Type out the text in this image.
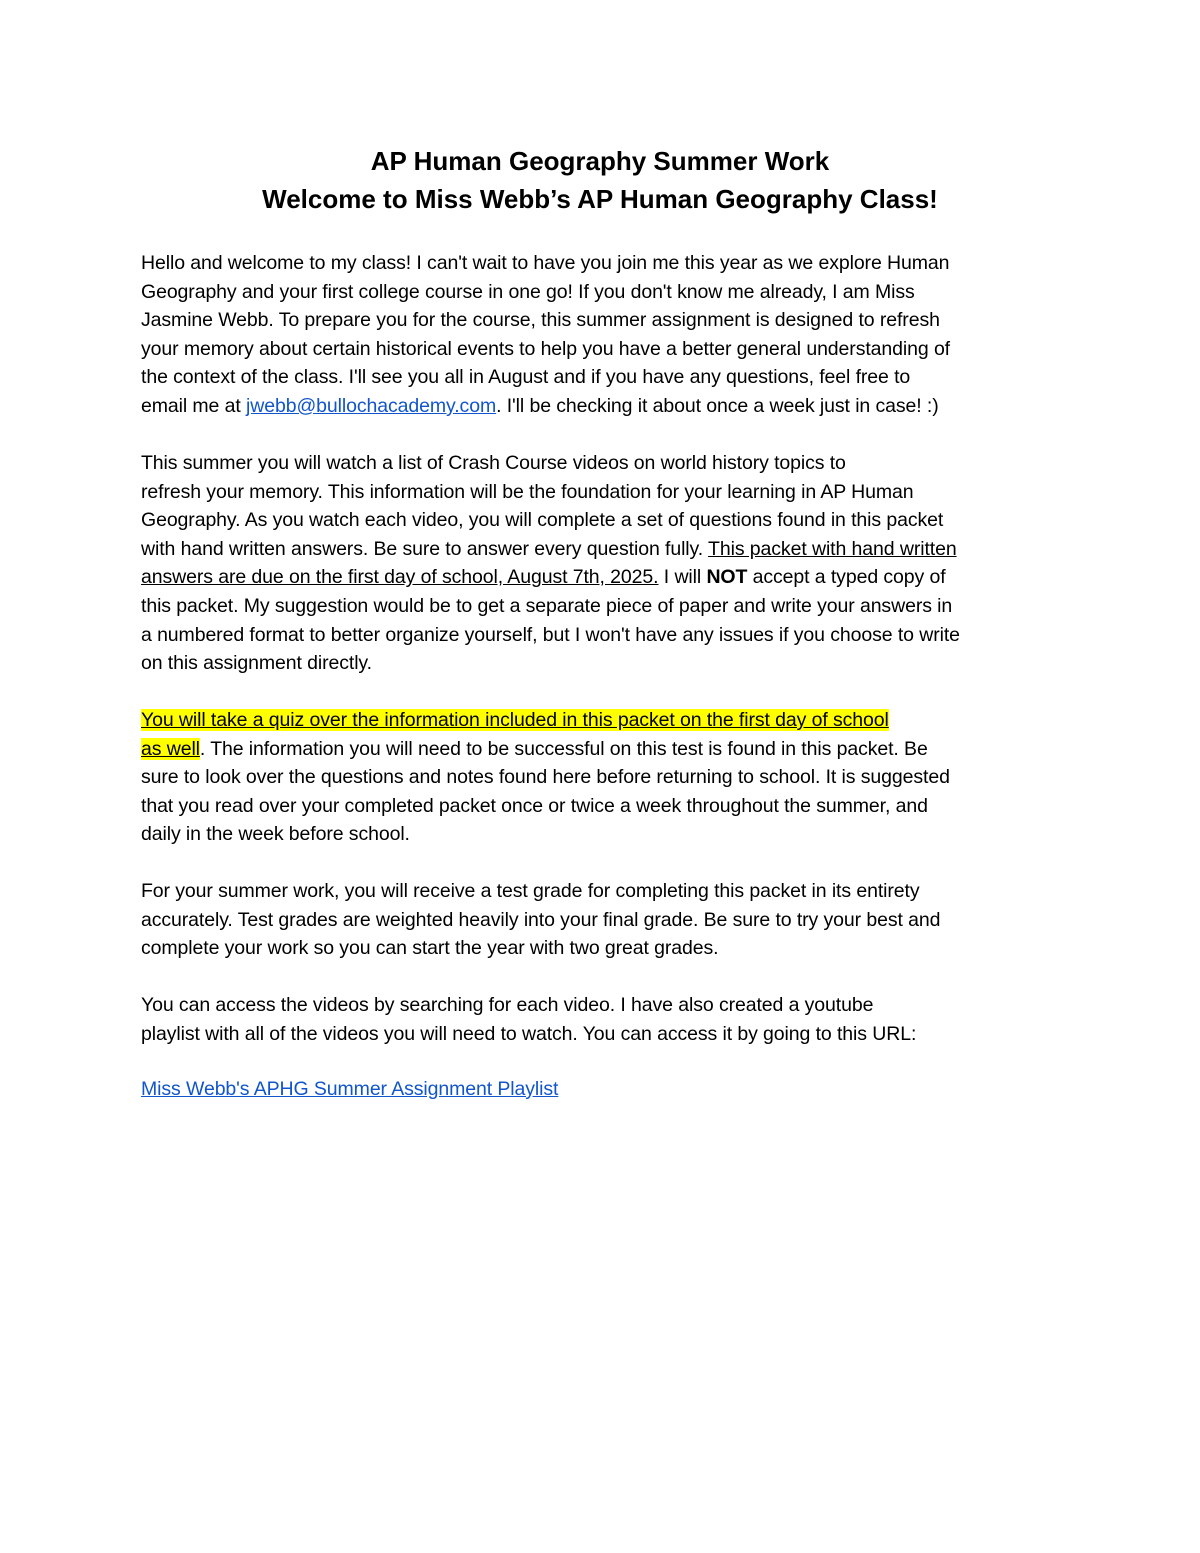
AP Human Geography Summer Work
Welcome to Miss Webb’s AP Human Geography Class!
Hello and welcome to my class! I can't wait to have you join me this year as we explore Human
Geography and your first college course in one go! If you don't know me already, I am Miss
Jasmine Webb. To prepare you for the course, this summer assignment is designed to refresh
your memory about certain historical events to help you have a better general understanding of
the context of the class. I'll see you all in August and if you have any questions, feel free to
email me at jwebb@bullochacademy.com. I'll be checking it about once a week just in case! :)
This summer you will watch a list of Crash Course videos on world history topics to
refresh your memory. This information will be the foundation for your learning in AP Human
Geography. As you watch each video, you will complete a set of questions found in this packet
with hand written answers. Be sure to answer every question fully. This packet with hand written
answers are due on the first day of school, August 7th, 2025. I will NOT accept a typed copy of
this packet. My suggestion would be to get a separate piece of paper and write your answers in
a numbered format to better organize yourself, but I won't have any issues if you choose to write
on this assignment directly.
You will take a quiz over the information included in this packet on the first day of school
as well. The information you will need to be successful on this test is found in this packet. Be
sure to look over the questions and notes found here before returning to school. It is suggested
that you read over your completed packet once or twice a week throughout the summer, and
daily in the week before school.
For your summer work, you will receive a test grade for completing this packet in its entirety
accurately. Test grades are weighted heavily into your final grade. Be sure to try your best and
complete your work so you can start the year with two great grades.
You can access the videos by searching for each video. I have also created a youtube
playlist with all of the videos you will need to watch. You can access it by going to this URL:
Miss Webb's APHG Summer Assignment Playlist
